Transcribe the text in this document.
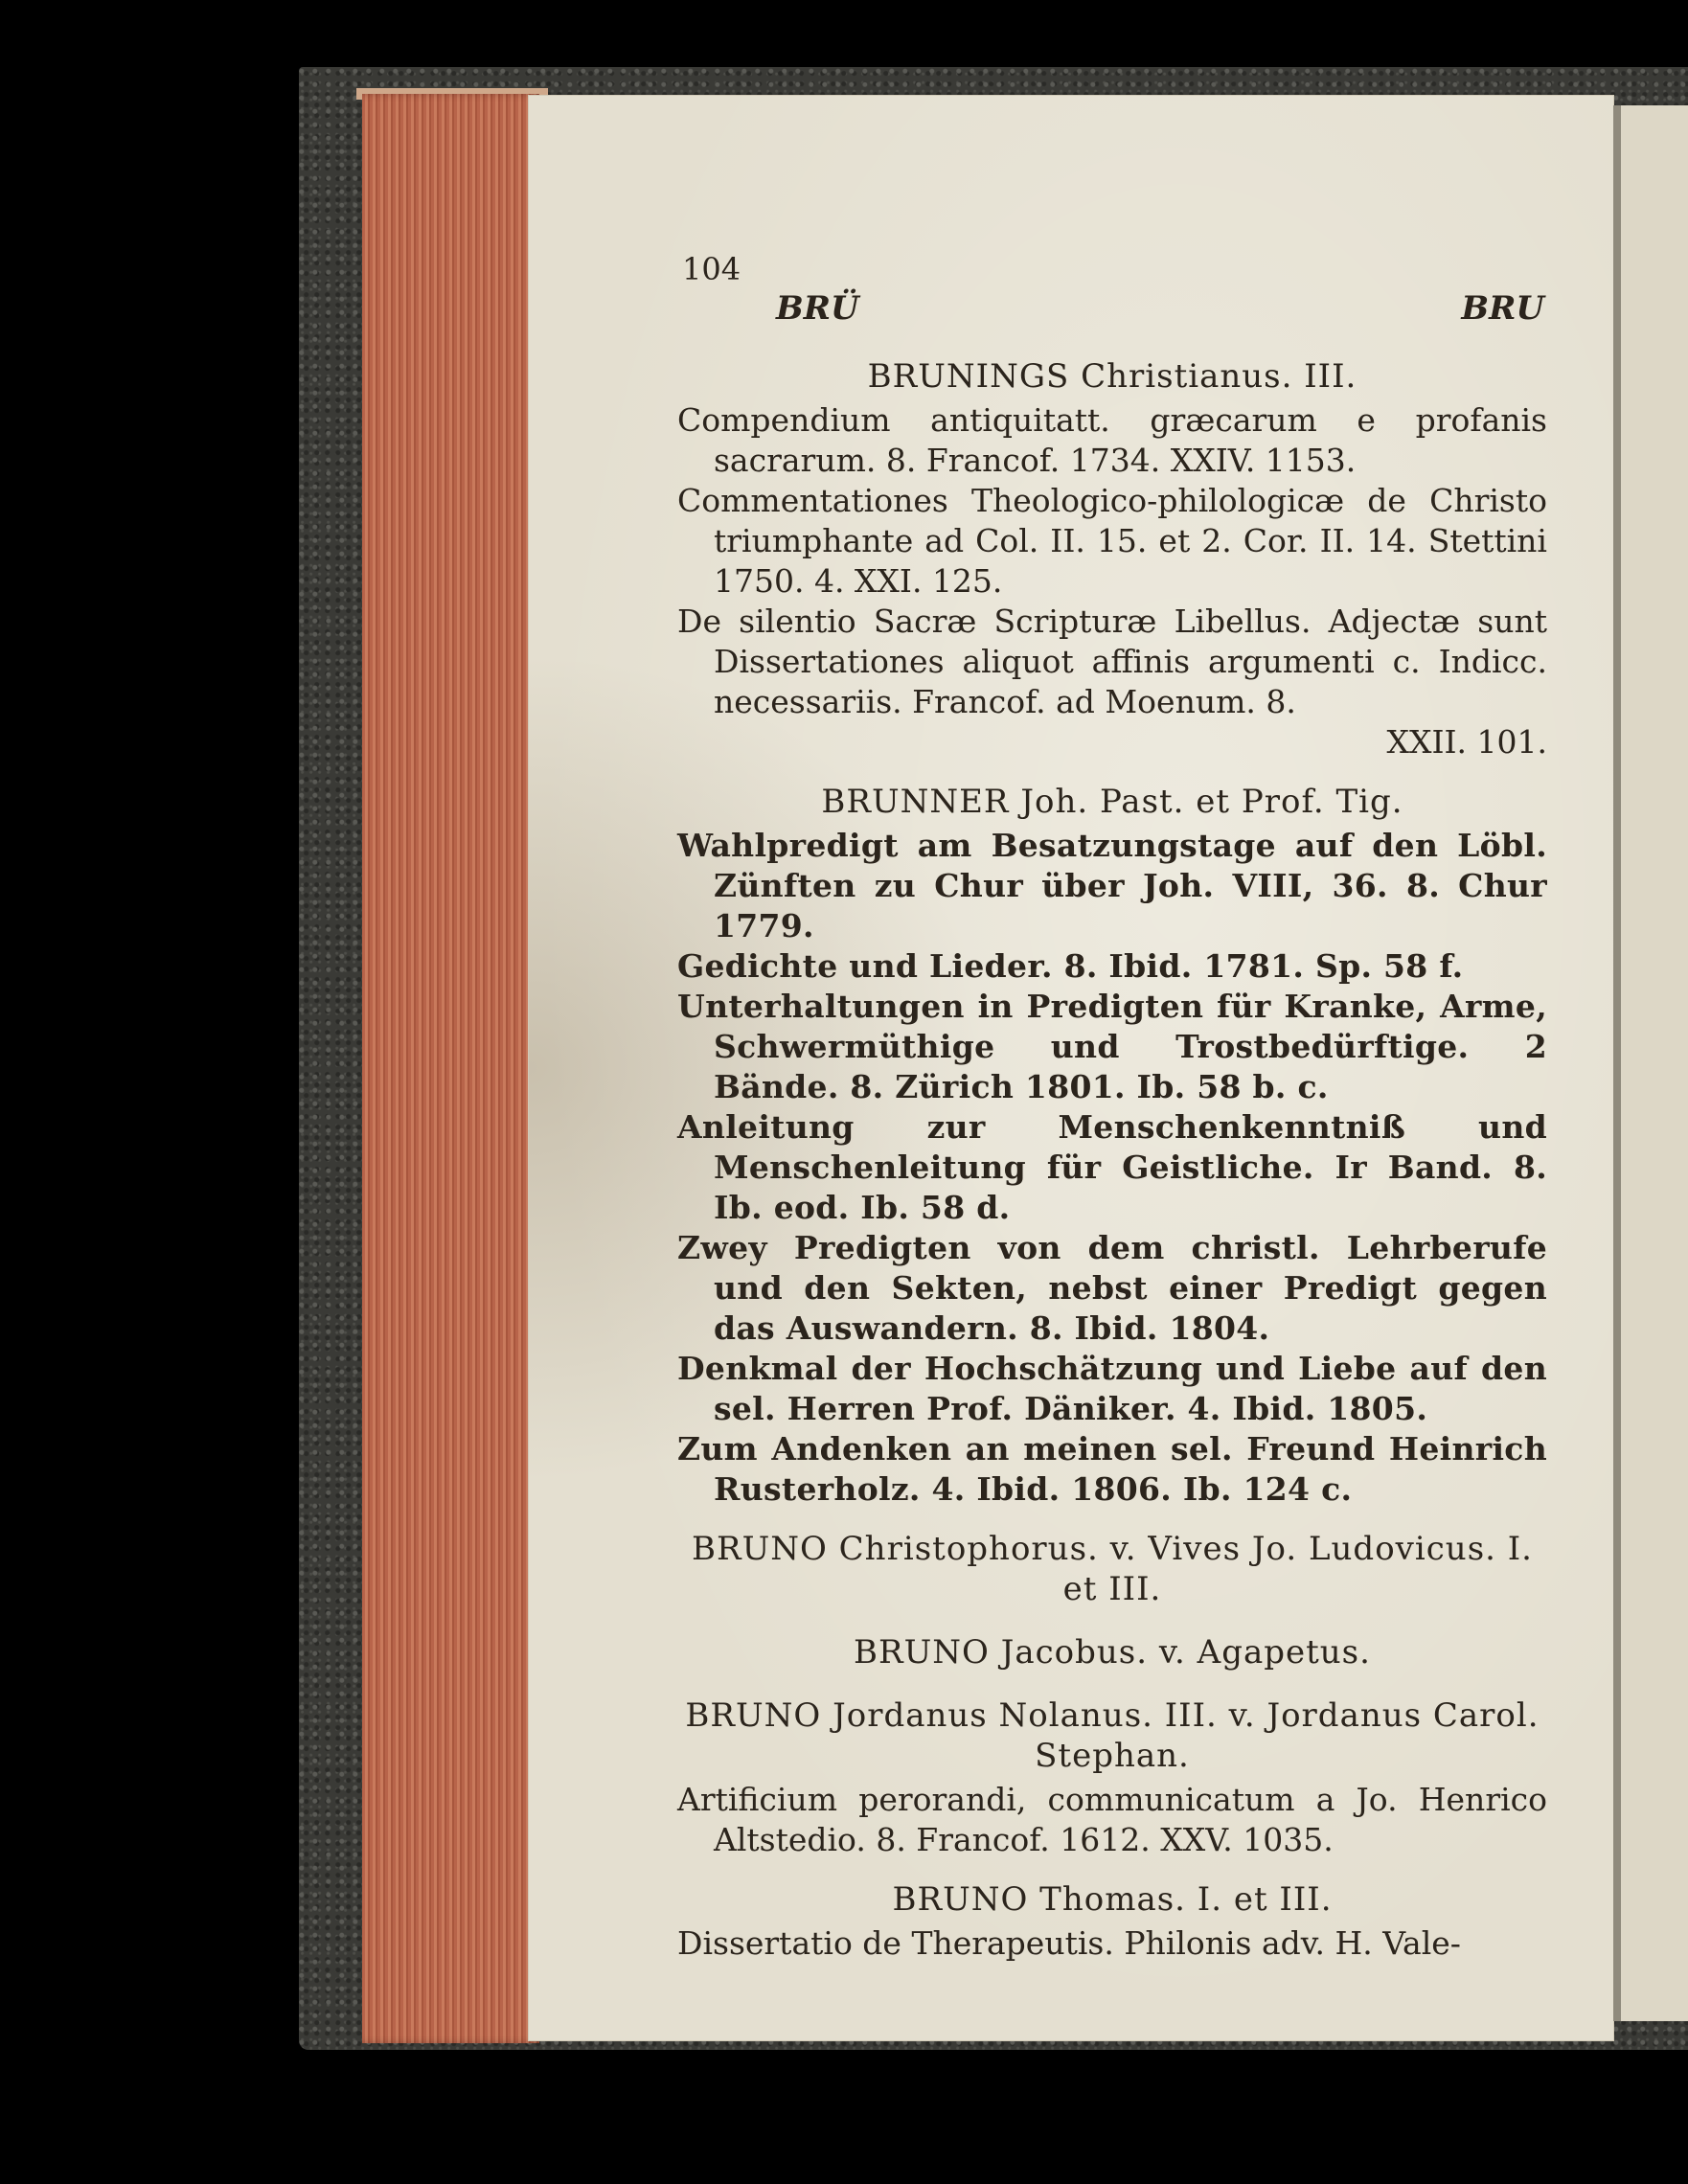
104
BRÜ	BRU
BRUNINGS Christianus. III.
Compendium antiquitatt. græcarum e profanis sacrarum. 8. Francof. 1734. XXIV. 1153.
Commentationes Theologico-philologicæ de Christo triumphante ad Col. II. 15. et 2. Cor. II. 14. Stettini 1750. 4. XXI. 125.
De silentio Sacræ Scripturæ Libellus. Adjectæ sunt Dissertationes aliquot affinis argumenti c. Indicc. necessariis. Francof. ad Moenum. 8.
XXII. 101.
BRUNNER Joh. Past. et Prof. Tig.
Wahlpredigt am Besatzungstage auf den Löbl. Zünften zu Chur über Joh. VIII, 36. 8. Chur 1779.
Gedichte und Lieder. 8. Ibid. 1781. Sp. 58 f.
Unterhaltungen in Predigten für Kranke, Arme, Schwermüthige und Trostbedürftige. 2 Bände. 8. Zürich 1801. Ib. 58 b. c.
Anleitung zur Menschenkenntniß und Menschenleitung für Geistliche. Ir Band. 8. Ib. eod. Ib. 58 d.
Zwey Predigten von dem christl. Lehrberufe und den Sekten, nebst einer Predigt gegen das Auswandern. 8. Ibid. 1804.
Denkmal der Hochschätzung und Liebe auf den sel. Herren Prof. Däniker. 4. Ibid. 1805.
Zum Andenken an meinen sel. Freund Heinrich Rusterholz. 4. Ibid. 1806. Ib. 124 c.
BRUNO Christophorus. v. Vives Jo. Ludovicus. I. et III.
BRUNO Jacobus. v. Agapetus.
BRUNO Jordanus Nolanus. III. v. Jordanus Carol. Stephan.
Artificium perorandi, communicatum a Jo. Henrico Altstedio. 8. Francof. 1612. XXV. 1035.
BRUNO Thomas. I. et III.
Dissertatio de Therapeutis. Philonis adv. H. Vale-
